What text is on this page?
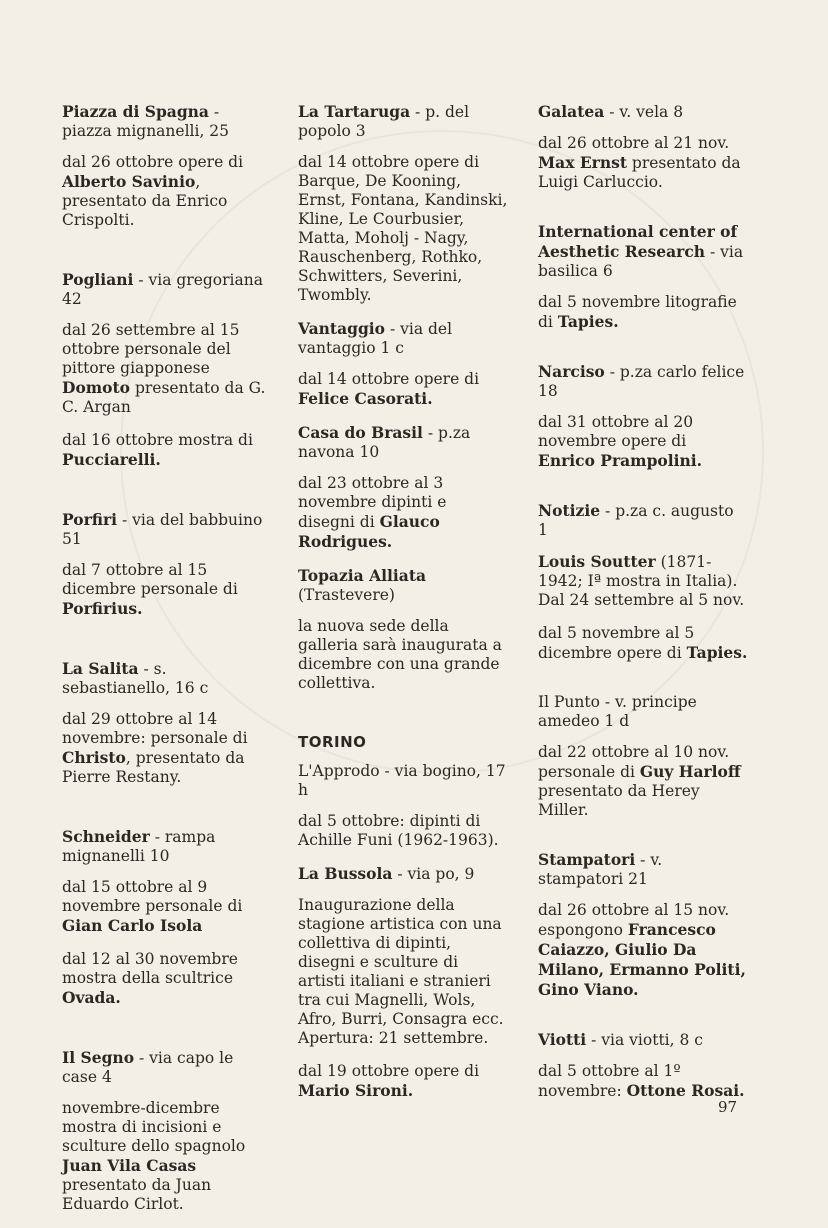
Piazza di Spagna - piazza mignanelli, 25

dal 26 ottobre opere di Alberto Savinio, presentato da Enrico Crispolti.

Pogliani - via gregoriana 42

dal 26 settembre al 15 ottobre personale del pittore giapponese Domoto presentato da G. C. Argan

dal 16 ottobre mostra di Pucciarelli.

Porfiri - via del babbuino 51

dal 7 ottobre al 15 dicembre personale di Porfirius.

La Salita - s. sebastianello, 16 c

dal 29 ottobre al 14 novembre: personale di Christo, presentato da Pierre Restany.

Schneider - rampa mignanelli 10

dal 15 ottobre al 9 novembre personale di Gian Carlo Isola

dal 12 al 30 novembre mostra della scultrice Ovada.

Il Segno - via capo le case 4

novembre-dicembre mostra di incisioni e sculture dello spagnolo Juan Vila Casas presentato da Juan Eduardo Cirlot.

La Tartaruga - p. del popolo 3

dal 14 ottobre opere di Barque, De Kooning, Ernst, Fontana, Kandinski, Kline, Le Courbusier, Matta, Moholj - Nagy, Rauschenberg, Rothko, Schwitters, Severini, Twombly.

Vantaggio - via del vantaggio 1 c

dal 14 ottobre opere di Felice Casorati.

Casa do Brasil - p.za navona 10

dal 23 ottobre al 3 novembre dipinti e disegni di Glauco Rodrigues.

Topazia Alliata (Trastevere)

la nuova sede della galleria sarà inaugurata a dicembre con una grande collettiva.

TORINO

L'Approdo - via bogino, 17 h

dal 5 ottobre: dipinti di Achille Funi (1962-1963).

La Bussola - via po, 9

Inaugurazione della stagione artistica con una collettiva di dipinti, disegni e sculture di artisti italiani e stranieri tra cui Magnelli, Wols, Afro, Burri, Consagra ecc. Apertura: 21 settembre.

dal 19 ottobre opere di Mario Sironi.

Galatea - v. vela 8

dal 26 ottobre al 21 nov. Max Ernst presentato da Luigi Carluccio.

International center of Aesthetic Research - via basilica 6

dal 5 novembre litografie di Tapies.

Narciso - p.za carlo felice 18

dal 31 ottobre al 20 novembre opere di Enrico Prampolini.

Notizie - p.za c. augusto 1

Louis Soutter (1871-1942; Iª mostra in Italia). Dal 24 settembre al 5 nov.

dal 5 novembre al 5 dicembre opere di Tapies.

Il Punto - v. principe amedeo 1 d

dal 22 ottobre al 10 nov. personale di Guy Harloff presentato da Herey Miller.

Stampatori - v. stampatori 21

dal 26 ottobre al 15 nov. espongono Francesco Caiazzo, Giulio Da Milano, Ermanno Politi, Gino Viano.

Viotti - via viotti, 8 c

dal 5 ottobre al 1º novembre: Ottone Rosai.

97
